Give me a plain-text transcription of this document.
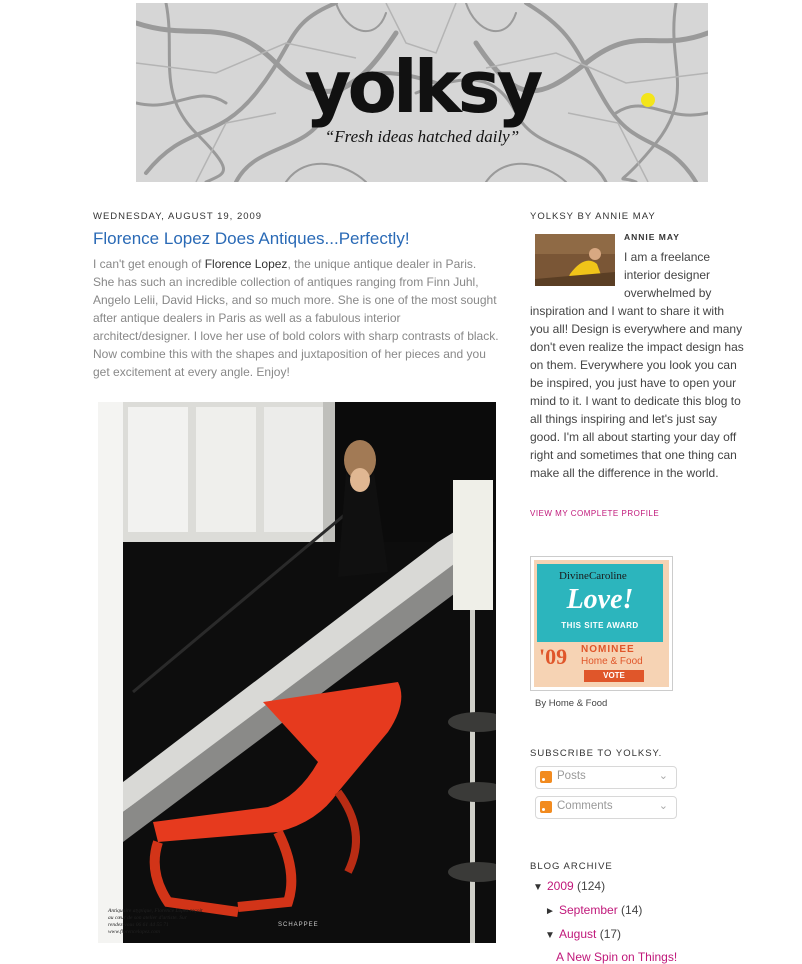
yolksy
“Fresh ideas hatched daily”
WEDNESDAY, AUGUST 19, 2009
Florence Lopez Does Antiques...Perfectly!

I can't get enough of Florence Lopez, the unique antique dealer in Paris. She has such an incredible collection of antiques ranging from Finn Juhl, Angelo Lelii, David Hicks, and so much more. She is one of the most sought after antique dealers in Paris as well as a fabulous interior architect/designer. I love her use of bold colors with sharp contrasts of black. Now combine this with the shapes and juxtaposition of her pieces and you get excitement at every angle. Enjoy!

Antiquaire atypique, Florence Lopez reçoit au cœur de son atelier d'artiste. Sur rendez-vous 06 61 44 55 71 www.florencelopez.com

SCHAPPEE
YOLKSY BY ANNIE MAY
ANNIE MAY

I am a freelance interior designer overwhelmed by inspiration and I want to share it with you all! Design is everywhere and many don't even realize the impact design has on them. Everywhere you look you can be inspired, you just have to open your mind to it. I want to dedicate this blog to all things inspiring and let's just say good. I'm all about starting your day off right and sometimes that one thing can make all the difference in the world.

VIEW MY COMPLETE PROFILE
DivineCaroline
Love!
THIS SITE AWARD
'09 NOMINEE
Home & Food
VOTE
By Home & Food
SUBSCRIBE TO YOLKSY.
Posts	⌄
Comments	⌄
BLOG ARCHIVE
▼ 2009 (124)
► September (14)
▼ August (17)
A New Spin on Things!
